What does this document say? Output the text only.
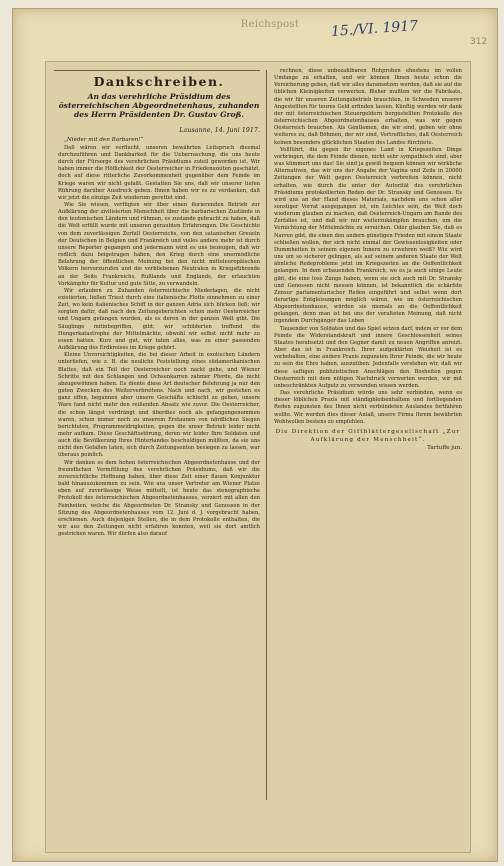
Reichspost	15./VI. 1917
312
Dankschreiben.
An das verehrliche Präsidium des österreichischen Abgeordnetenhaus, zuhanden des Herrn Präsidenten Dr. Gustav Groß.
Lausanne, 14. Juni 1917.
„Nieder mit den Barbaren!“

Daß wären wir verflucht, unseren bewährten Leitspruch diesmal durchzuführen und Dankbarkeit für die Ueberraschung, die uns heute durch der Fürsorge des verehrlichen Präsidiums zuteil geworden ist. Wir haben immer die Höflichkeit der Oesterreicher in Friedenszeiten geschätzt, doch auf diese ritterliche Zuvorkommenheit gegenüber dem Feinde im Kriege waren wir nicht gefaßt. Gestatten Sie uns, daß wir unserer tiefen Rührung darüber Ausdruck geben. Ihnen haben wir es zu verdanken, daß wir jetzt die einzige Zeit wiederum gerettet sind.

Wie Sie wissen, verfügten wir über einen florierenden Betrieb zur Aufklärung der zivilisierten Menschheit über die barbarischen Zustände in den teutonischen Ländern und rühmen, es zustande gebracht zu haben, daß die Welt erfüllt wurde mit unseren geraubten Erfahrungen. Die Geschichte von dem zuverlässigen Zerfall Oesterreichs, von den satanischen Greueln der Deutschen in Belgien und Frankreich und vieles andere mehr ist durch unsere Reporter gegangen und jedermann wird es uns bezeugen, daß wir redlich dazu beigetragen haben, den Krieg durch eine unermüdliche Belehrung der öffentlichen Meinung bei den nicht mitteleuropäischen Völkern hervorzurufen und die verbliebenen Neutralen in Kriegsführende an der Seite Frankreichs, Rußlands und Englands, der erlauchten Vorkämpfer für Kultur und gute Sitte, zu verwandeln.

Wir erlauben zu Zuhanden österreichische Niederlagen, die nicht existierten, ließen Triest durch eine italienische Flotte einnehmen zu einer Zeit, wo kein italienisches Schiff in der ganzen Adria sich blicken ließ; wir sorgten dafür, daß nach den Zeitungsberichten schon mehr Oesterreicher und Ungarn gefangen wurden, als es deren in der ganzen Welt gibt. Die Säuglinge mitinbegriffen, gibt; wir schilderten treffend die Hungerkatastrophe der Mittelmächte, obwohl wir selbst nicht mehr zu essen hatten. Kurz und gut, wir taten alles, was zu einer passenden Aufklärung des Erdkreises im Kriege gehört.

Kleine Unvorsichtigkeiten, die bei dieser Arbeit in exotischen Ländern unterliefen, wie z. B. die neuliche Feststellung eines südamerikanischen Blattes, daß ein Teil der Oesterreicher noch nackt gehe, und Wiener Schritte mit den Schlangen und Ochsenkarren zahmer Pferde, die nicht abzugewöhnen haben. Es diente diese Art deutscher Belehrung ja nur den guten Zwecken des Weiterverbreitens. Nach und nach, wir gestehen es ganz offen, begannen aber unsere Geschäfte schlecht zu gehen, unsere Ware fand nicht mehr den reißenden Absatz wie zuvor. Die Oesterreicher, die schon längst verdrängt und überdies noch als gefangengenommen waren, schon immer noch zu unserem Erstaunen von nördlichen Siegen berichteten, Programmwidrigkeiten, gegen die unser Betrieb leider nicht mehr aufkam. Diese Geschäftsstörung, deren wir leider Ihre Soldaten und auch die Bevölkerung Ihres Hinterlandes beschuldigen müßten, da sie uns nicht den Gefallen taten, sich durch Zeitungsenten besiegen zu lassen, war überaus peinlich.

Wir danken es dem hohen österreichischen Abgeordnetenhause und der freundlichen Vermittlung des verehrlichen Präsidiums, daß wir die zuversichtliche Hoffnung haben, über diese Zeit einer flauen Konjunktur bald hinauszukommen zu sein. Wie uns unser Vertreter am Wiener Platze eben auf zuverlässige Weise mitteilt, ist heute das stenographische Protokoll des österreichischen Abgeordnetenhauses, verziert mit allen den Feinheiten, welche die Abgeordneten Dr. Stransky und Genossen in der Sitzung des Abgeordnetenhauses vom 12. Juni d. J. vorgebracht haben, erschienen. Auch diejenigen Stellen, die in dem Protokolle enthalten, die wir aus den Zeitungen nicht erfahren konnten, weil sie dort amtlich gestrichen waren. Wir dürfen also darauf

rechnen, diese unbezahlbaren Rohproben ehestens im vollen Umfange zu erhalten, und wir können Ihnen heute schon die Versicherung geben, daß wir alles daransetzen werden, daß sie auf die üblichen Kleinigkeiten verwerten. Bisher mußten wir die Fabrikate, die wir für unseren Zeitungsbetrieb brauchten, in Schweden unserer Angestellten für teures Geld erfinden lassen. Künftig werden wir dank der mit österreichischen Steuergeldern hergestellten Protokolle des österreichischen Abgeordnetenhauses erhalten, was wir gegen Oesterreich brauchen. Als Gentlemen, die wir sind, geben wir ohne weiteres zu, daß Böhmen, der wir sind, Vortreffliches, daß Oesterreich keinen besonders glücklichen Staaten des Landes fürchtete.

Vollführt, die gegen ihr eigenes Land in Kriegszeiten Dinge vorbringen, die dem Feinde dienen, nicht sehr sympathisch sind, aber was kümmert uns das! Sie sind ja gewiß bequem können wir wirkliche Alternativen, das wir uns der Angabe der Vagina und Zeile in 20000 Zeitungen der Welt gegen Oesterreich verbreiten können, nicht erhalten, wie durch die unter der Autorität des verehrlichen Präsidiums protokollierten Reden der Dr. Stransky und Genossen. Es wird uns an der Hand dieses Materials, nachdem uns schon aller sonstiger Vorrat ausgegangen ist, ein Leichtes sein, die Welt doch wiederum glauben zu machen, daß Oesterreich-Ungarn am Rande des Zerfalles ist, und daß wir nur weiterzukämpfen brauchen, um die Vernichtung der Mittelmächte zu erreichen. Oder glauben Sie, daß es Narren gibt, die einen den andern günstigen Frieden mit einem Staate schließen wollen, der sich nicht einmal der Gewissenlosigkeiten oder Dummheiten in seinem eigenen Innern zu erwehren weiß? Wie wird uns um so sicherer gelingen, als auf seinem anderen Staate der Welt ähnliche Redeprobleme jetzt im Kriegszeiten an die Oeffentlichkeit gelangen. In dem erbauenden Frankreich, wo es ja auch einige Leute gibt, die eine lose Zunge haben, wenn sie sich auch mit Dr. Stransky und Genossen nicht messen können, ist bekanntlich die schärfste Zensur parlamentarischer Reden eingeführt und selbst wenn dort derartige Entgleisungen möglich wären, wie im österreichischen Abgeordnetenhause, würden sie niemals an die Oeffentlichkeit gelangen, denn man ist bei uns der veralteten Meinung, daß nicht irgendein Durchgänger das Leben

Tausender von Soldaten und das Spiel setzen darf, indem er vor dem Feinde die Widerstandskraft und innere Geschlossenheit seines Staates herabsetzt und den Gegner damit zu neuen Angriffen anreizt. Aber das ist in Frankreich. Ihrer aufgeklärten Weisheit ist es vorbehalten, eine andere Praxis zugunsten Ihrer Feinde, die wir heute zu sein die Ehre haben, auszuüben. Jedenfalls verstehen wir, daß wir diese saftigen publizistischen Anschlägen den Bosheiten gegen Oesterreich mit dem nötigen Nachdruck verwerten werden, wir mit unbeschränkten Aufputz zu verwenden wissen werden.

Das verehrliche Präsidium würde uns sehr verbinden, wenn es dieser löblichen Praxis mit ständigbleibenhaltem und fortliegenden Reden zugunsten des Ihnen nicht verbündeten Auslandes fortfahren wollte. Wir werden dies dieser Anlaß, unsere Firma Ihrem bewährten Wohlwollen bestens zu empfehlen.

Die Direktion der Giftblättergesellschaft „Zur Aufklärung der Menschheit“.
Tartuffe jun.
